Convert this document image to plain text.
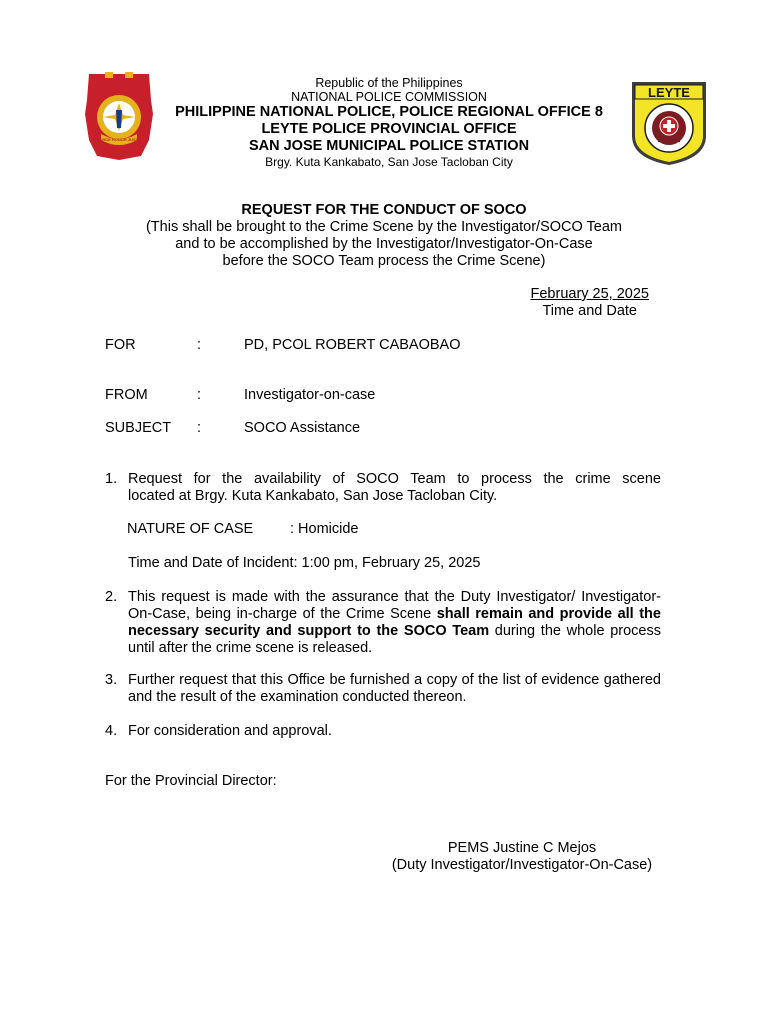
SERVICE HONOR JUSTICE
LEYTE
Republic of the Philippines
NATIONAL POLICE COMMISSION
PHILIPPINE NATIONAL POLICE, POLICE REGIONAL OFFICE 8
LEYTE POLICE PROVINCIAL OFFICE
SAN JOSE MUNICIPAL POLICE STATION
Brgy. Kuta Kankabato, San Jose Tacloban City
REQUEST FOR THE CONDUCT OF SOCO
(This shall be brought to the Crime Scene by the Investigator/SOCO Team
and to be accomplished by the Investigator/Investigator-On-Case
before the SOCO Team process the Crime Scene)
February 25, 2025
Time and Date
FOR	:	PD, PCOL ROBERT CABAOBAO
FROM	:	Investigator-on-case
SUBJECT :	SOCO Assistance
1. Request for the availability of SOCO Team to process the crime scene
located at Brgy. Kuta Kankabato, San Jose Tacloban City.
NATURE OF CASE	: Homicide
Time and Date of Incident: 1:00 pm, February 25, 2025
2. This request is made with the assurance that the Duty Investigator/ Investigator-On-Case, being in-charge of the Crime Scene shall remain and provide all the necessary security and support to the SOCO Team during the whole process until after the crime scene is released.
3. Further request that this Office be furnished a copy of the list of evidence gathered and the result of the examination conducted thereon.
4. For consideration and approval.
For the Provincial Director:
PEMS Justine C Mejos
(Duty Investigator/Investigator-On-Case)
